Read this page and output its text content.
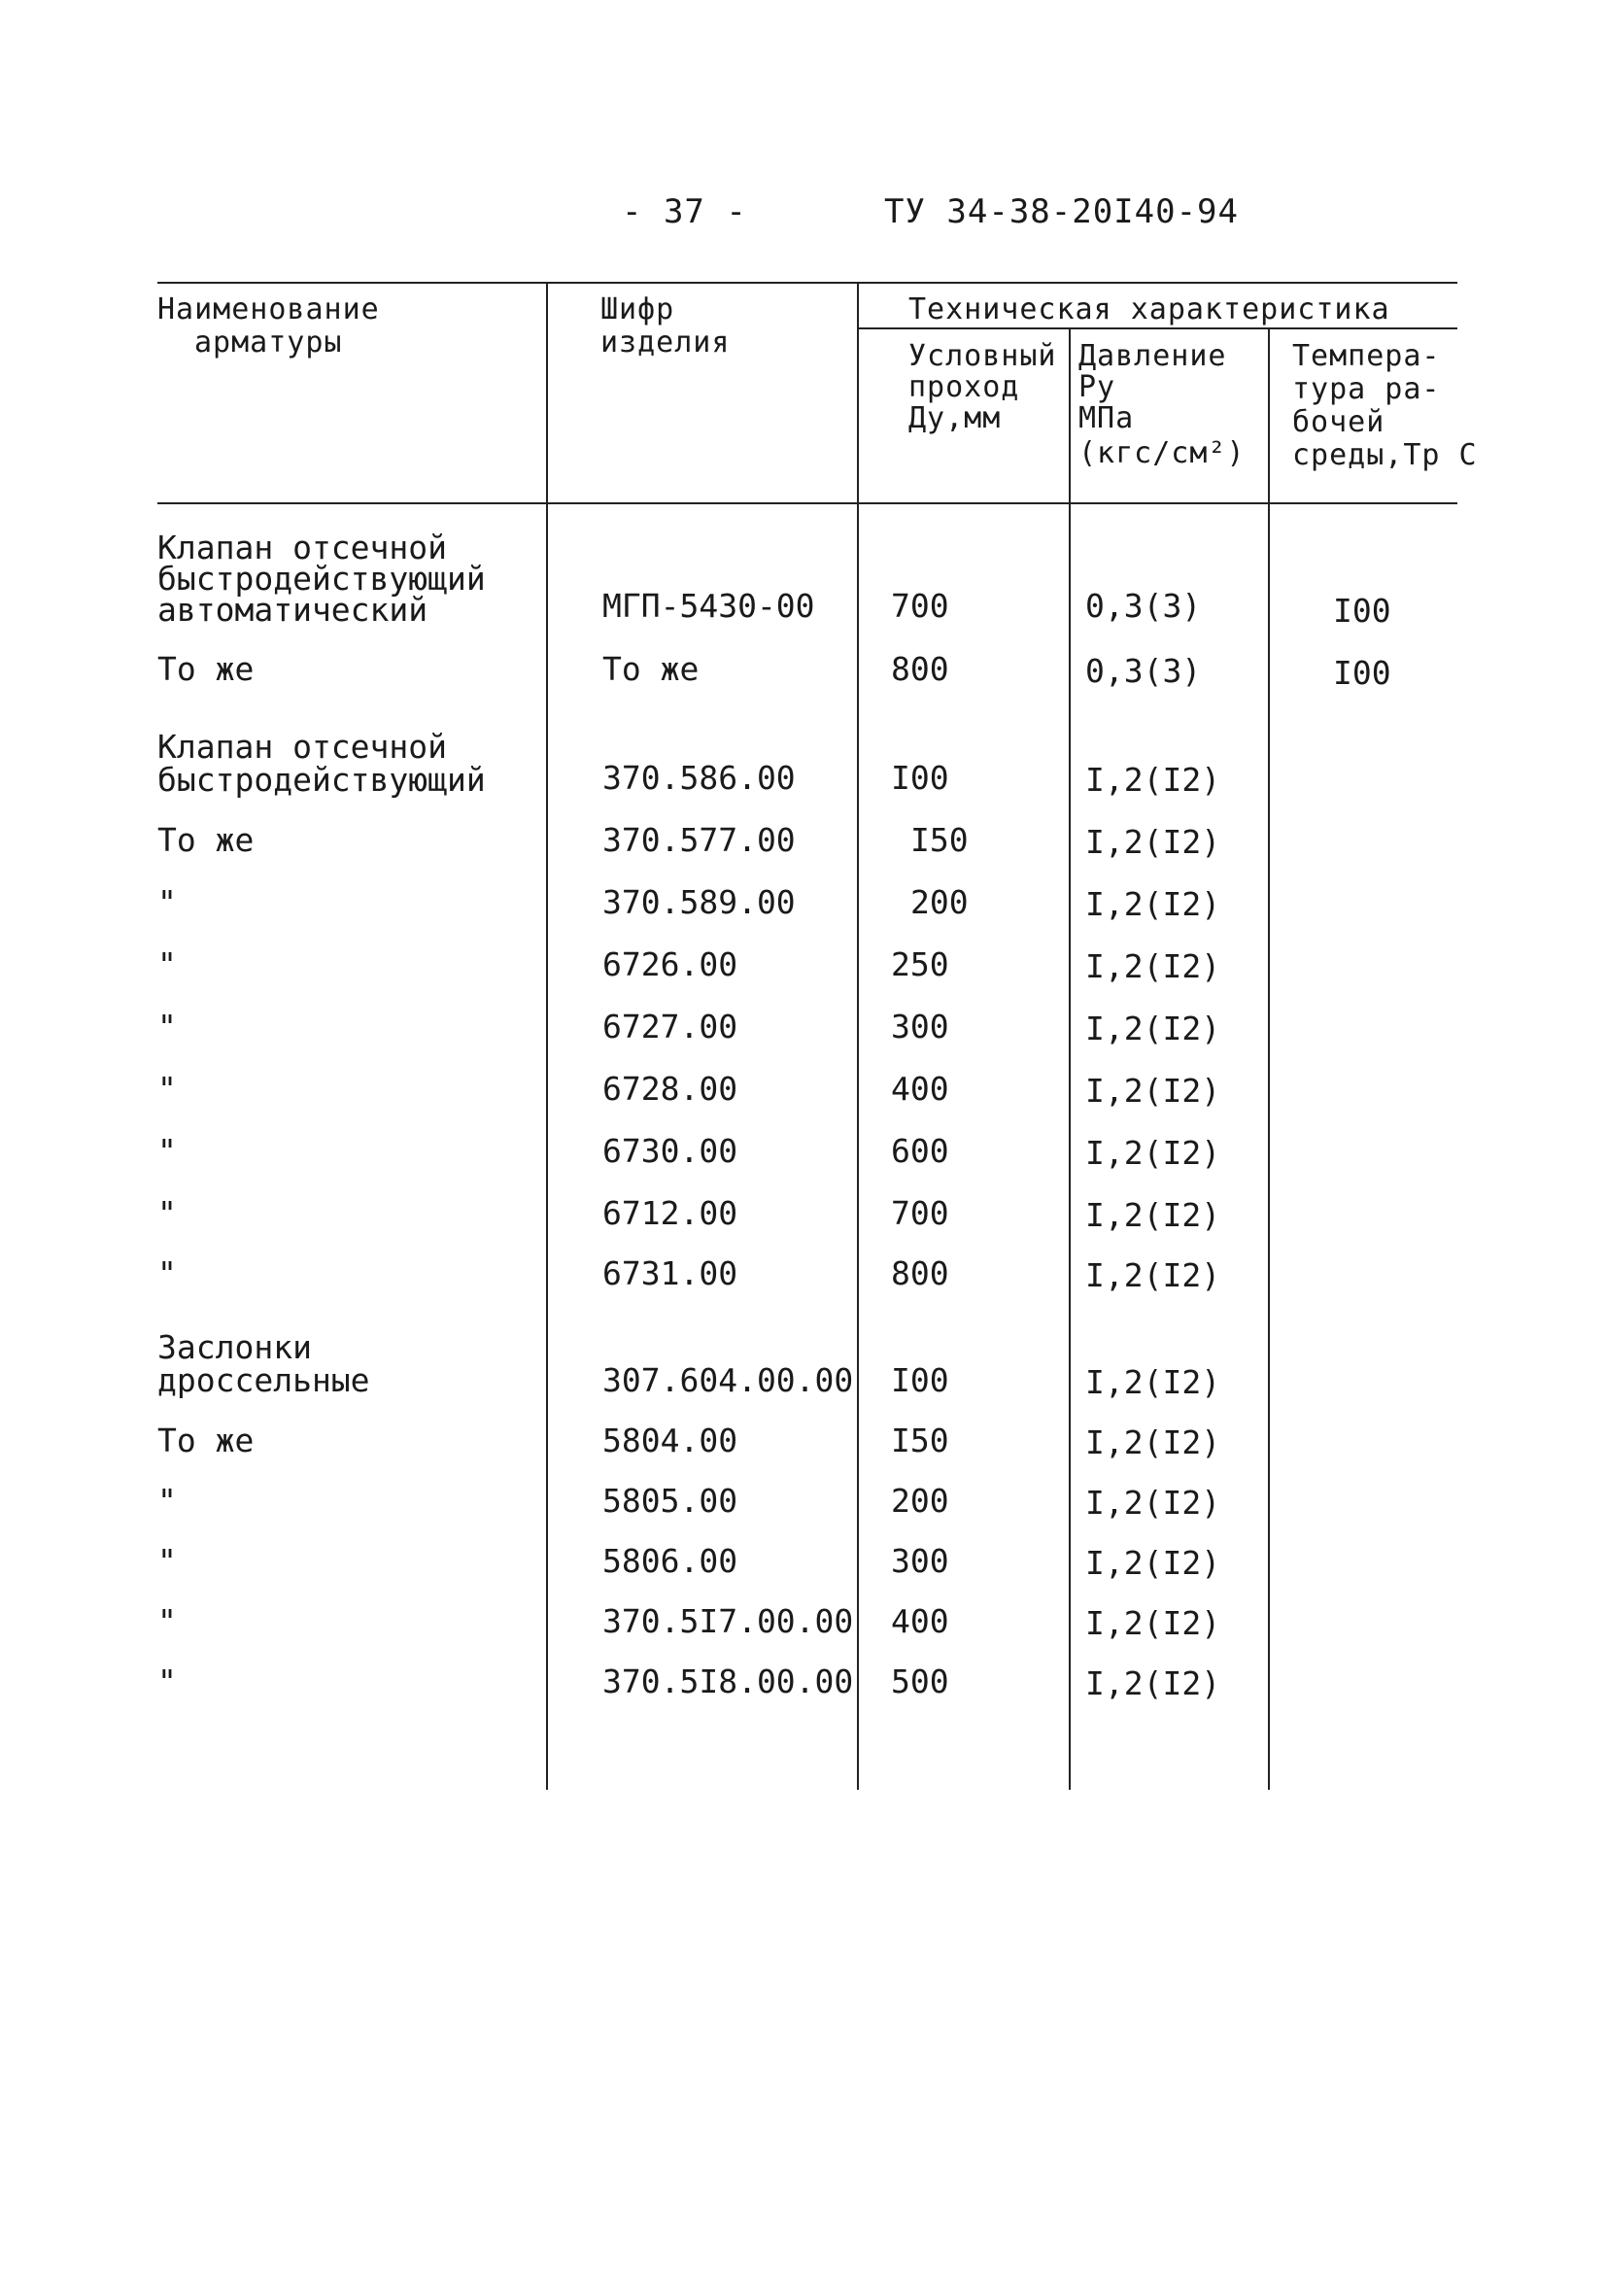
- 37 -	ТУ 34-38-20I40-94
Наименование
арматуры
Шифр
изделия
Техническая характеристика
Условный
проход
Ду,мм
Давление
Ру
МПа
(кгс/см²)
Темпера-
тура ра-
бочей
среды,Тр С
Клапан отсечной
быстродействующий
автоматический	МГП-5430-00 700	0,3(3)	I00
То же	То же	800	0,3(3)	I00
Клапан отсечной
быстродействующий	370.586.00	I00	I,2(I2)
То же	370.577.00	I50	I,2(I2)
"	370.589.00	200	I,2(I2)
"	6726.00	250	I,2(I2)
"	6727.00	300	I,2(I2)
"	6728.00	400	I,2(I2)
"	6730.00	600	I,2(I2)
"	6712.00	700	I,2(I2)
"	6731.00	800	I,2(I2)
Заслонки
дроссельные	307.604.00.00 I00	I,2(I2)
То же	5804.00	I50	I,2(I2)
"	5805.00	200	I,2(I2)
"	5806.00	300	I,2(I2)
"	370.5I7.00.00 400	I,2(I2)
"	370.5I8.00.00 500	I,2(I2)
